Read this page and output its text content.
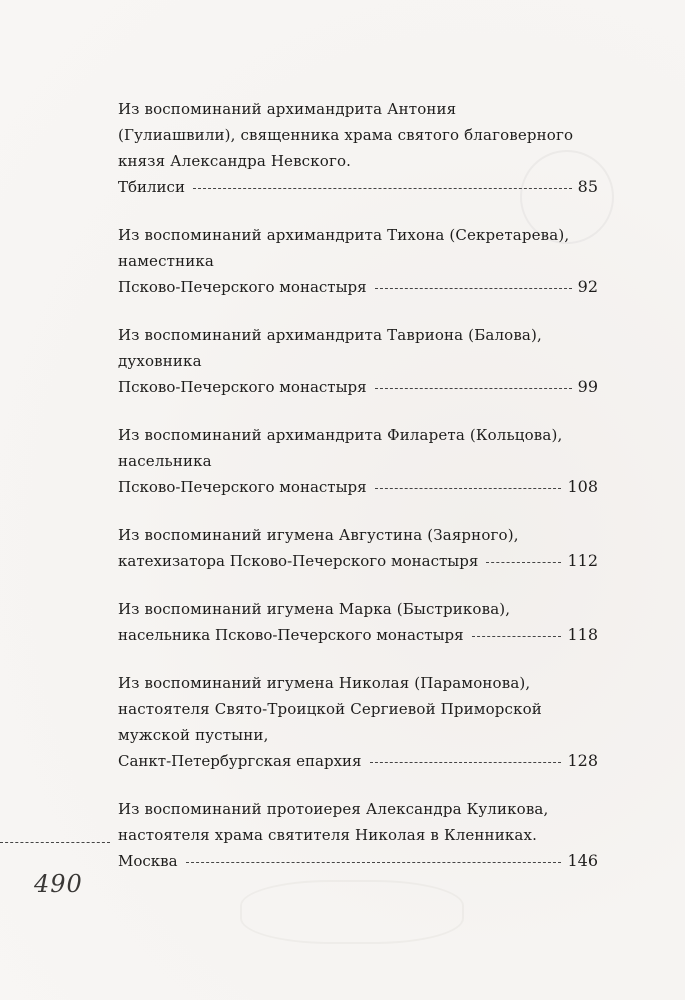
Из воспоминаний архимандрита Антония
(Гулиашвили), священника храма святого благоверного
князя Александра Невского.
Тбилиси	85
Из воспоминаний архимандрита Тихона (Секретарева),
наместника
Псково-Печерского монастыря	92
Из воспоминаний архимандрита Тавриона (Балова),
духовника
Псково-Печерского монастыря	99
Из воспоминаний архимандрита Филарета (Кольцова),
насельника
Псково-Печерского монастыря	108
Из воспоминаний игумена Августина (Заярного),
катехизатора Псково-Печерского монастыря	112
Из воспоминаний игумена Марка (Быстрикова),
насельника Псково-Печерского монастыря	118
Из воспоминаний игумена Николая (Парамонова),
настоятеля Свято-Троицкой Сергиевой Приморской
мужской пустыни,
Санкт-Петербургская епархия	128
Из воспоминаний протоиерея Александра Куликова,
настоятеля храма святителя Николая в Кленниках.
Москва	146
490
